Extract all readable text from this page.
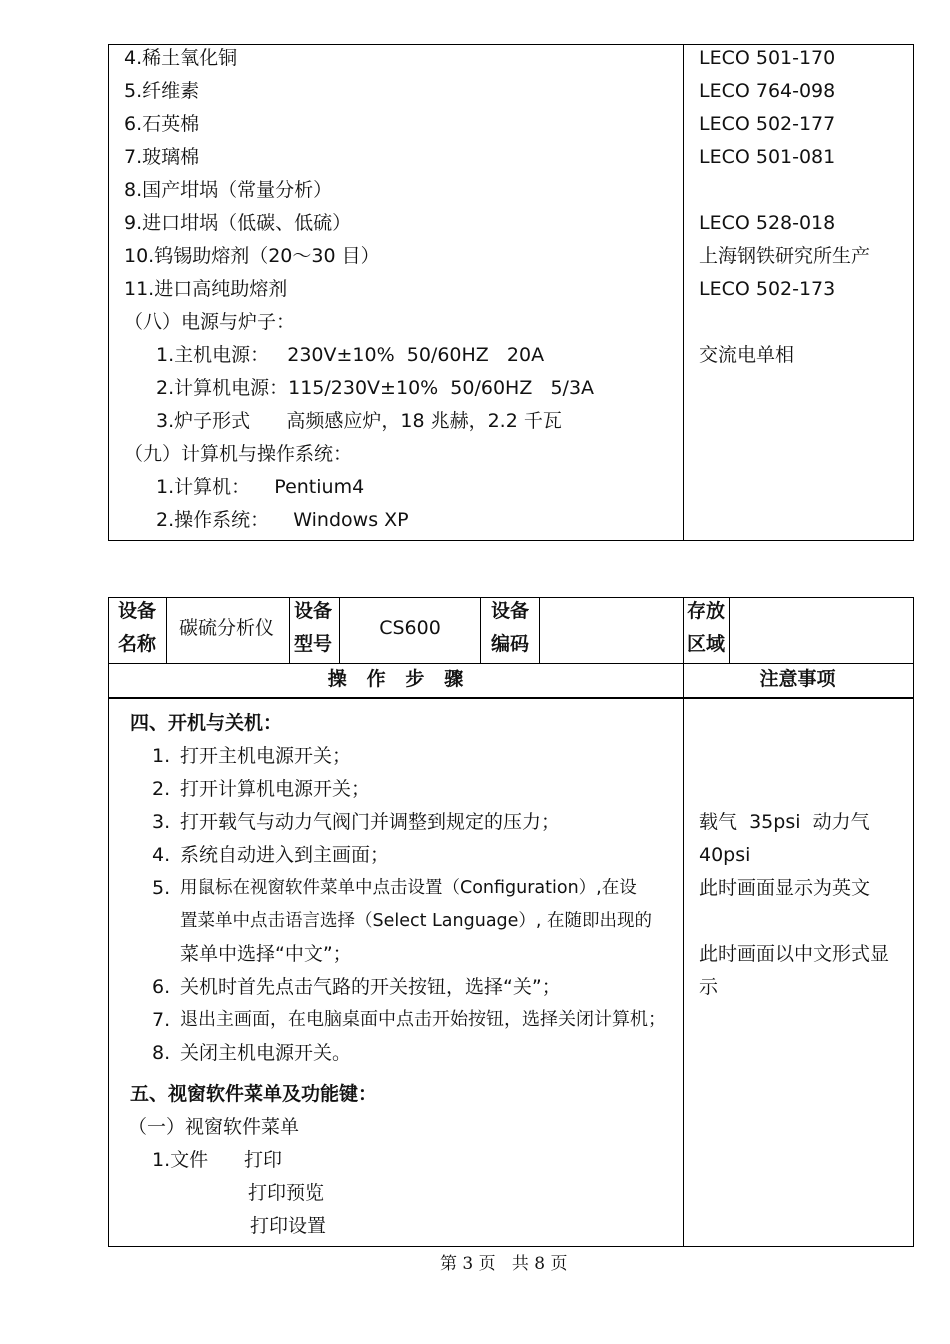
4.稀土氧化铜
5.纤维素
6.石英棉
7.玻璃棉
8.国产坩埚（常量分析）
9.进口坩埚（低碳、低硫）
10.钨锡助熔剂（20～30 目）
11.进口高纯助熔剂
（八）电源与炉子：
1.主机电源：   230V±10%  50/60HZ   20A
2.计算机电源：115/230V±10%  50/60HZ   5/3A
3.炉子形式      高频感应炉，18 兆赫，2.2 千瓦
（九）计算机与操作系统：
1.计算机：    Pentium4
2.操作系统：    Windows XP
LECO 501-170
LECO 764-098
LECO 502-177
LECO 501-081
LECO 528-018
上海钢铁研究所生产
LECO 502-173
交流电单相
设备
名称
碳硫分析仪
设备
型号
CS600
设备
编码
存放
区域
操   作   步   骤	注意事项
四、开机与关机：
1. 打开主机电源开关；
2. 打开计算机电源开关；
3. 打开载气与动力气阀门并调整到规定的压力；
4. 系统自动进入到主画面；
5. 用鼠标在视窗软件菜单中点击设置（Configuration）,在设
置菜单中点击语言选择（Select Language）, 在随即出现的
菜单中选择“中文”；
6. 关机时首先点击气路的开关按钮，选择“关”；
7. 退出主画面，在电脑桌面中点击开始按钮，选择关闭计算机；
8. 关闭主机电源开关。
五、视窗软件菜单及功能键：
（一）视窗软件菜单
1.文件 打印
打印预览
打印设置
载气  35psi  动力气
40psi
此时画面显示为英文
此时画面以中文形式显
示
第 3 页   共 8 页
